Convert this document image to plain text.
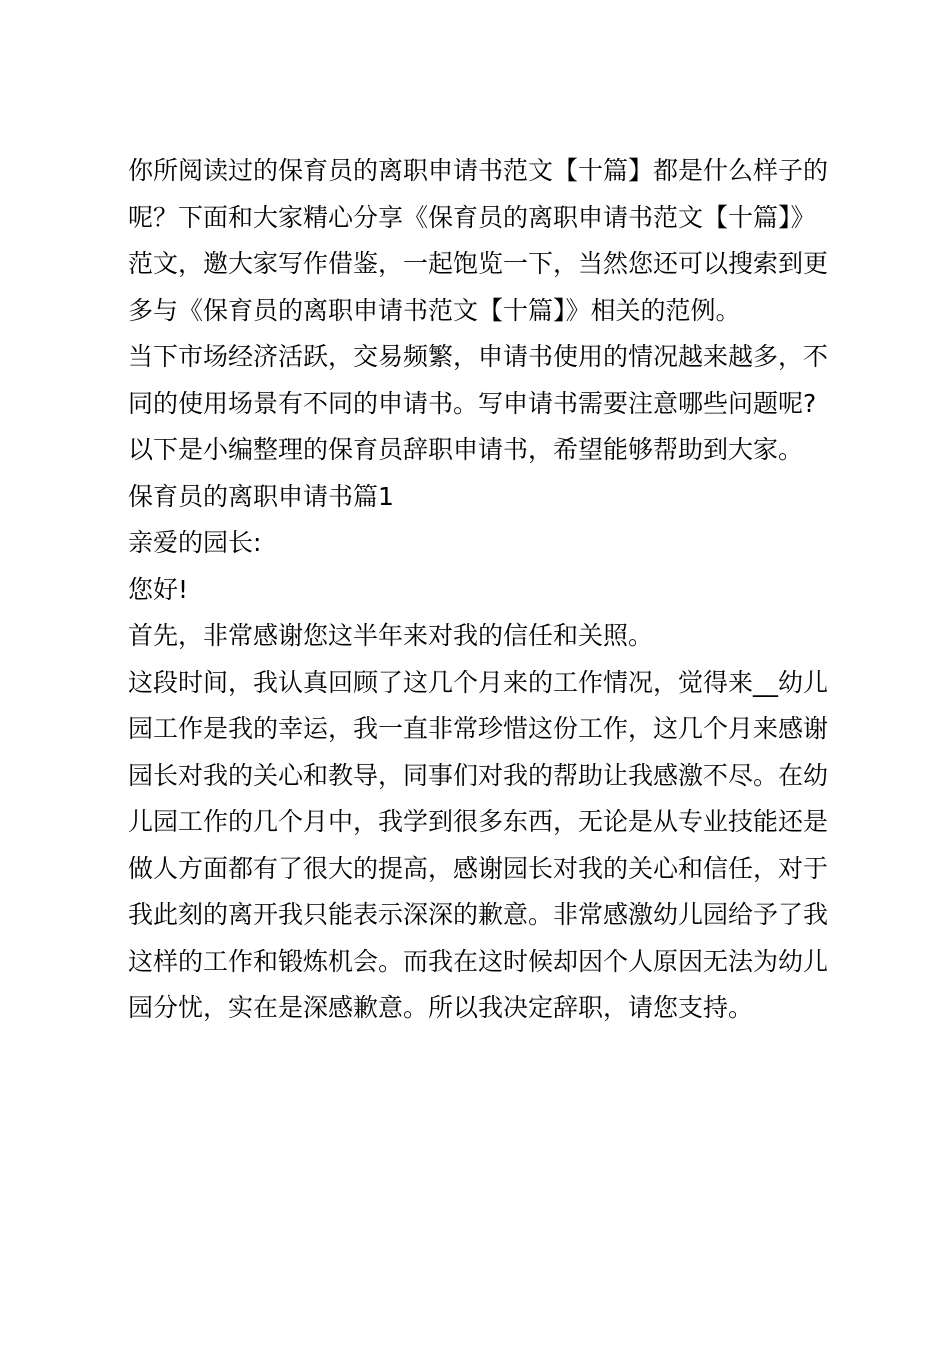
你所阅读过的保育员的离职申请书范文【十篇】都是什么样子的呢？下面和大家精心分享《保育员的离职申请书范文【十篇】》范文，邀大家写作借鉴，一起饱览一下，当然您还可以搜索到更多与《保育员的离职申请书范文【十篇】》相关的范例。

当下市场经济活跃，交易频繁，申请书使用的情况越来越多，不同的使用场景有不同的申请书。写申请书需要注意哪些问题呢?以下是小编整理的保育员辞职申请书，希望能够帮助到大家。

保育员的离职申请书篇1

亲爱的园长:

您好!

首先，非常感谢您这半年来对我的信任和关照。

这段时间，我认真回顾了这几个月来的工作情况，觉得来__幼儿园工作是我的幸运，我一直非常珍惜这份工作，这几个月来感谢园长对我的关心和教导，同事们对我的帮助让我感激不尽。在幼儿园工作的几个月中，我学到很多东西，无论是从专业技能还是做人方面都有了很大的提高，感谢园长对我的关心和信任，对于我此刻的离开我只能表示深深的歉意。非常感激幼儿园给予了我这样的工作和锻炼机会。而我在这时候却因个人原因无法为幼儿园分忧，实在是深感歉意。所以我决定辞职，请您支持。
